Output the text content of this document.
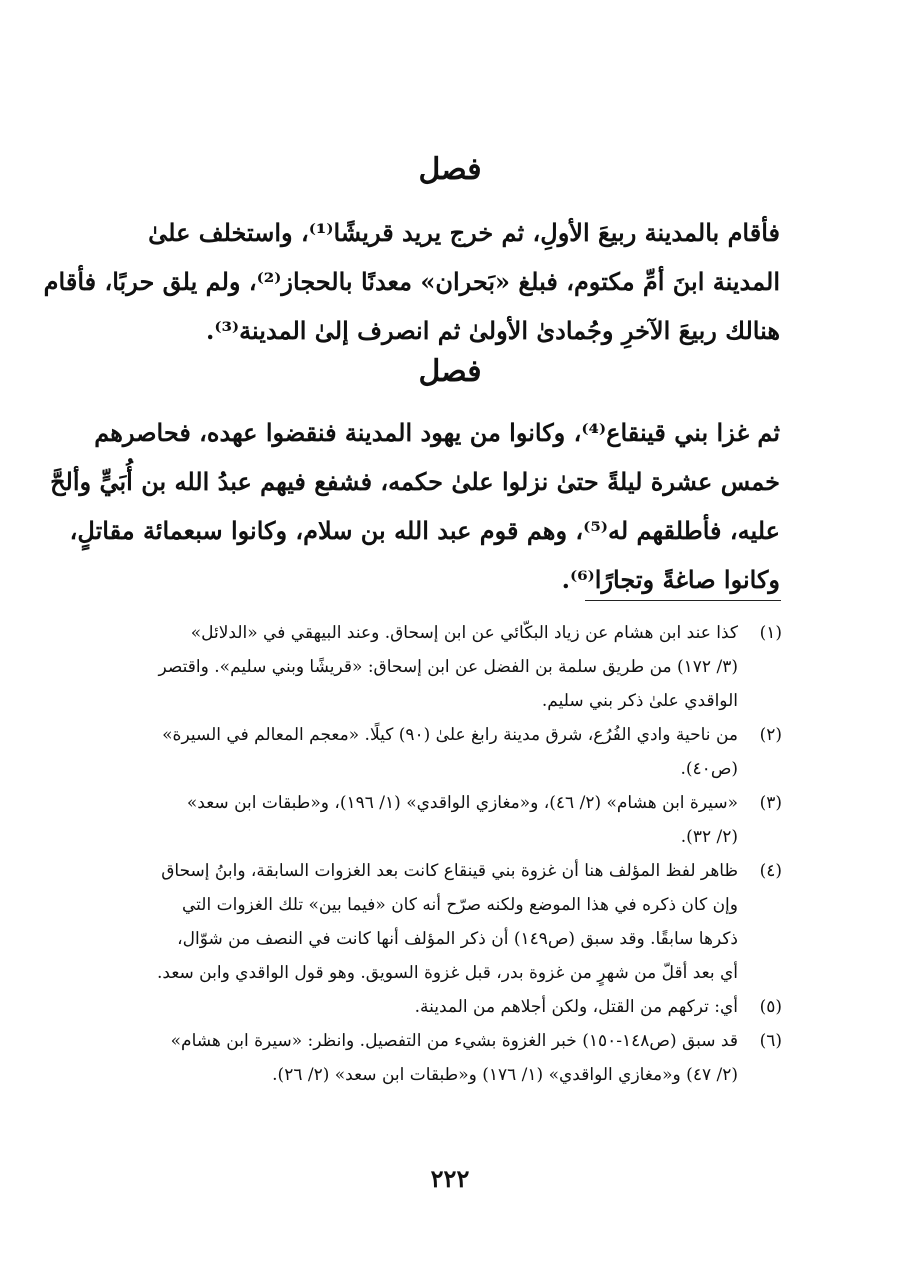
فصل
فأقام بالمدينة ربيعَ الأولِ، ثم خرج يريد قريشًا⁽¹⁾، واستخلف علىٰ
المدينة ابنَ أمِّ مكتوم، فبلغ «بَحران» معدنًا بالحجاز⁽²⁾، ولم يلق حربًا، فأقام
هنالك ربيعَ الآخرِ وجُمادىٰ الأولىٰ ثم انصرف إلىٰ المدينة⁽³⁾.
فصل
ثم غزا بني قينقاع⁽⁴⁾، وكانوا من يهود المدينة فنقضوا عهده، فحاصرهم
خمس عشرة ليلةً حتىٰ نزلوا علىٰ حكمه، فشفع فيهم عبدُ الله بن أُبَيٍّ وألحَّ
عليه، فأطلقهم له⁽⁵⁾، وهم قوم عبد الله بن سلام، وكانوا سبعمائة مقاتلٍ،
وكانوا صاغةً وتجارًا⁽⁶⁾.
(١)
كذا عند ابن هشام عن زياد البكّائي عن ابن إسحاق. وعند البيهقي في «الدلائل»
(٣/ ١٧٢) من طريق سلمة بن الفضل عن ابن إسحاق: «قريشًا وبني سليم». واقتصر
الواقدي علىٰ ذكر بني سليم.
(٢)
من ناحية وادي الفُرُع، شرق مدينة رابغ علىٰ (٩٠) كيلًا. «معجم المعالم في السيرة»
(ص٤٠).
(٣)
«سيرة ابن هشام» (٢/ ٤٦)، و«مغازي الواقدي» (١/ ١٩٦)، و«طبقات ابن سعد»
(٢/ ٣٢).
(٤)
ظاهر لفظ المؤلف هنا أن غزوة بني قينقاع كانت بعد الغزوات السابقة، وابنُ إسحاق
وإن كان ذكره في هذا الموضع ولكنه صرّح أنه كان «فيما بين» تلك الغزوات التي
ذكرها سابقًا. وقد سبق (ص١٤٩) أن ذكر المؤلف أنها كانت في النصف من شوّال،
أي بعد أقلّ من شهرٍ من غزوة بدر، قبل غزوة السويق. وهو قول الواقدي وابن سعد.
(٥)
أي: تركهم من القتل، ولكن أجلاهم من المدينة.
(٦)
قد سبق (ص١٤٨-١٥٠) خبر الغزوة بشيء من التفصيل. وانظر: «سيرة ابن هشام»
(٢/ ٤٧) و«مغازي الواقدي» (١/ ١٧٦) و«طبقات ابن سعد» (٢/ ٢٦).
٢٢٢
